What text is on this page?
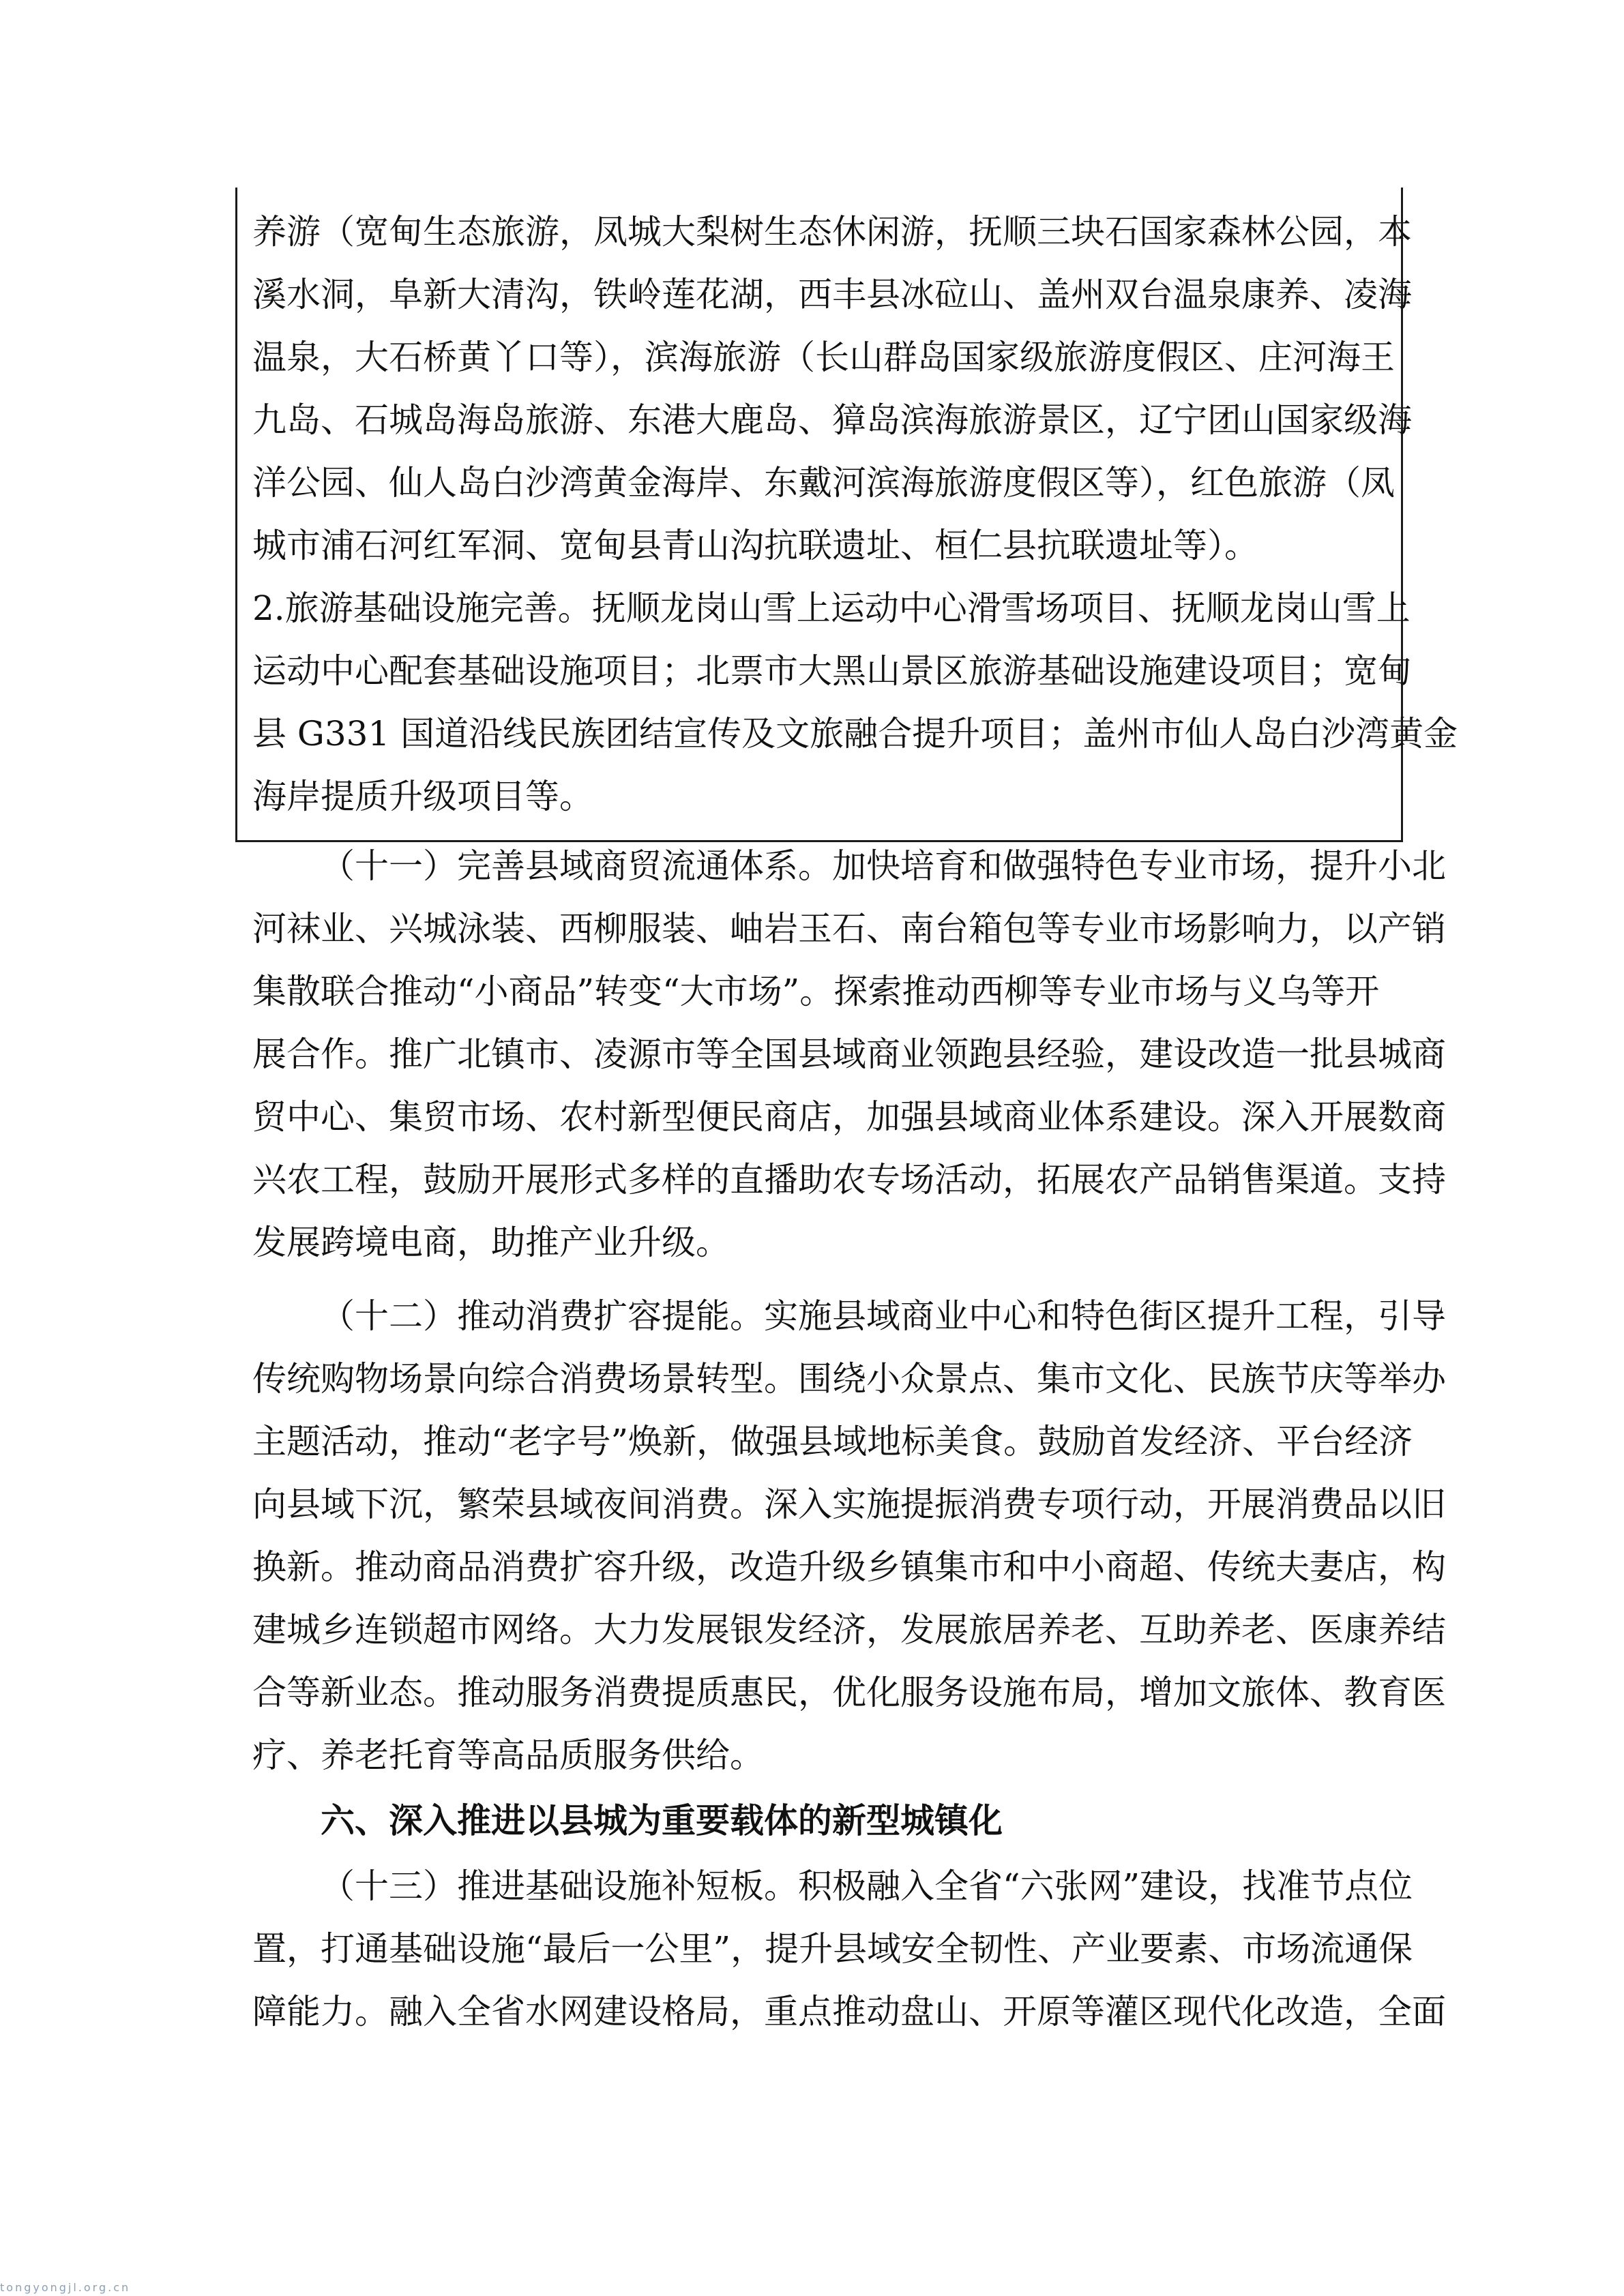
养游（宽甸生态旅游，凤城大梨树生态休闲游，抚顺三块石国家森林公园，本

溪水洞，阜新大清沟，铁岭莲花湖，西丰县冰砬山、盖州双台温泉康养、凌海

温泉，大石桥黄丫口等），滨海旅游（长山群岛国家级旅游度假区、庄河海王

九岛、石城岛海岛旅游、东港大鹿岛、獐岛滨海旅游景区，辽宁团山国家级海

洋公园、仙人岛白沙湾黄金海岸、东戴河滨海旅游度假区等），红色旅游（凤

城市浦石河红军洞、宽甸县青山沟抗联遗址、桓仁县抗联遗址等）。

2.旅游基础设施完善。抚顺龙岗山雪上运动中心滑雪场项目、抚顺龙岗山雪上

运动中心配套基础设施项目；北票市大黑山景区旅游基础设施建设项目；宽甸

县 G331 国道沿线民族团结宣传及文旅融合提升项目；盖州市仙人岛白沙湾黄金

海岸提质升级项目等。

（十一）完善县域商贸流通体系。加快培育和做强特色专业市场，提升小北

河袜业、兴城泳装、西柳服装、岫岩玉石、南台箱包等专业市场影响力，以产销

集散联合推动“小商品”转变“大市场”。探索推动西柳等专业市场与义乌等开

展合作。推广北镇市、凌源市等全国县域商业领跑县经验，建设改造一批县城商

贸中心、集贸市场、农村新型便民商店，加强县域商业体系建设。深入开展数商

兴农工程，鼓励开展形式多样的直播助农专场活动，拓展农产品销售渠道。支持

发展跨境电商，助推产业升级。

（十二）推动消费扩容提能。实施县域商业中心和特色街区提升工程，引导

传统购物场景向综合消费场景转型。围绕小众景点、集市文化、民族节庆等举办

主题活动，推动“老字号”焕新，做强县域地标美食。鼓励首发经济、平台经济

向县域下沉，繁荣县域夜间消费。深入实施提振消费专项行动，开展消费品以旧

换新。推动商品消费扩容升级，改造升级乡镇集市和中小商超、传统夫妻店，构

建城乡连锁超市网络。大力发展银发经济，发展旅居养老、互助养老、医康养结

合等新业态。推动服务消费提质惠民，优化服务设施布局，增加文旅体、教育医

疗、养老托育等高品质服务供给。

六、深入推进以县城为重要载体的新型城镇化

（十三）推进基础设施补短板。积极融入全省“六张网”建设，找准节点位

置，打通基础设施“最后一公里”，提升县域安全韧性、产业要素、市场流通保

障能力。融入全省水网建设格局，重点推动盘山、开原等灌区现代化改造，全面

tongyongjl.org.cn
